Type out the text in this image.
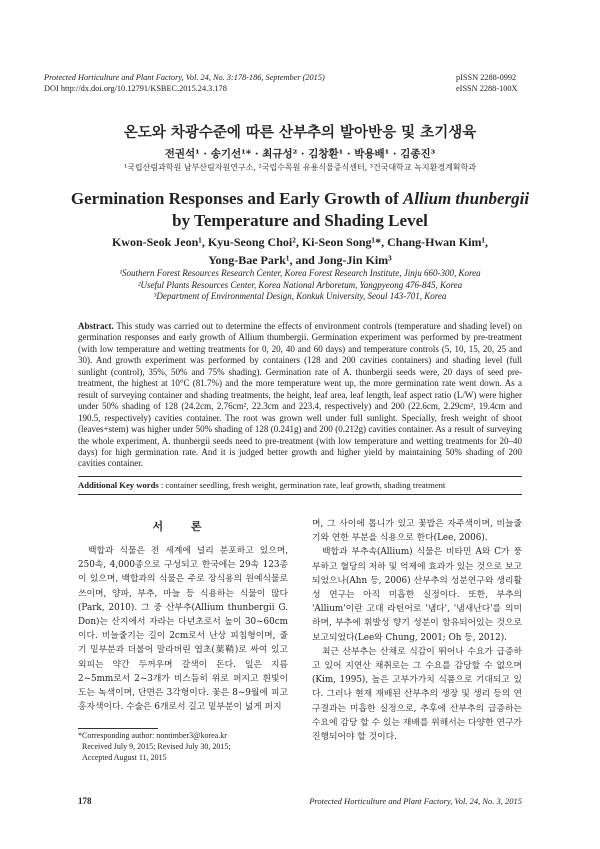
Protected Horticulture and Plant Factory, Vol. 24, No. 3:178-186, September (2015)
DOI http://dx.doi.org/10.12791/KSBEC.2015.24.3.178
pISSN 2288-0992
eISSN 2288-100X
온도와 차광수준에 따른 산부추의 발아반응 및 초기생육
전권석¹ · 송기선¹* · 최규성² · 김창환¹ · 박용배¹ · 김종진³
¹국립산림과학원 남부산림자원연구소, ²국립수목원 유용식물증식센터, ³건국대학교 녹지환경계획학과
Germination Responses and Early Growth of Allium thunbergii
by Temperature and Shading Level
Kwon-Seok Jeon¹, Kyu-Seong Choi², Ki-Seon Song¹*, Chang-Hwan Kim¹,
Yong-Bae Park¹, and Jong-Jin Kim³
¹Southern Forest Resources Research Center, Korea Forest Research Institute, Jinju 660-300, Korea
²Useful Plants Resources Center, Korea National Arboretum, Yangpyeong 476-845, Korea
³Department of Environmental Design, Konkuk University, Seoul 143-701, Korea
Abstract. This study was carried out to determine the effects of environment controls (temperature and shading level) on germination responses and early growth of Allium thumbergii. Germination experiment was performed by pre-treatment (with low temperature and wetting treatments for 0, 20, 40 and 60 days) and temperature controls (5, 10, 15, 20, 25 and 30). And growth experiment was performed by containers (128 and 200 cavities containers) and shading level (full sunlight (control), 35%, 50% and 75% shading). Germination rate of A. thunbergii seeds were, 20 days of seed pre-treatment, the highest at 10°C (81.7%) and the more temperature went up, the more germination rate went down. As a result of surveying container and shading treatments, the height, leaf area, leaf length, leaf aspect ratio (L/W) were higher under 50% shading of 128 (24.2cm, 2.76cm², 22.3cm and 223.4, respectively) and 200 (22.6cm, 2.29cm², 19.4cm and 190.5, respectively) cavities container. The root was grown well under full sunlight. Specially, fresh weight of shoot (leaves+stem) was higher under 50% shading of 128 (0.241g) and 200 (0.212g) cavities container. As a result of surveying the whole experiment, A. thunbergii seeds need to pre-treatment (with low temperature and wetting treatments for 20–40 days) for high germination rate. And it is judged better growth and higher yield by maintaining 50% shading of 200 cavities container.
Additional Key words : container seedling, fresh weight, germination rate, leaf growth, shading treatment
서 론

백합과 식물은 전 세계에 널리 분포하고 있으며, 250속, 4,000종으로 구성되고 한국에는 29속 123종이 있으며, 백합과의 식물은 주로 장식용의 원예식물로 쓰이며, 양파, 부추, 마늘 등 식용하는 식물이 많다(Park, 2010). 그 중 산부추(Allium thunbergii G. Don)는 산지에서 자라는 다년초로서 높이 30~60cm이다. 비늘줄기는 길이 2cm로서 난상 피침형이며, 줄기 밑부분과 더불어 말라버린 엽초(葉鞘)로 싸여 있고 외피는 약간 두꺼우며 갈색이 돈다. 잎은 지름 2~5mm로서 2~3개가 비스듬히 위로 퍼지고 흰빛이 도는 녹색이며, 단면은 3각형이다. 꽃은 8~9월에 피고 홍자색이다. 수술은 6개로서 길고 밑부분이 넓게 퍼지

며, 그 사이에 톱니가 있고 꽃밥은 자주색이며, 비늘줄기와 연한 부분을 식용으로 한다(Lee, 2006).

백합과 부추속(Allium) 식물은 비타민 A와 C가 풍부하고 혈당의 저하 및 억제에 효과가 있는 것으로 보고되었으나(Ahn 등, 2006) 산부추의 성분연구와 생리활성 연구는 아직 미흡한 실정이다. 또한, 부추의 'Allium'이란 고대 라틴어로 '냄다', '냄새난다'를 의미하며, 부추에 휘발성 향기 성분이 함유되어있는 것으로 보고되었다(Lee와 Chung, 2001; Oh 등, 2012).

최근 산부추는 산채로 식감이 뛰어나 수요가 급증하고 있어 지연산 채취로는 그 수요를 감당할 수 없으며(Kim, 1995), 높은 고부가가치 식품으로 기대되고 있다. 그러나 현재 재배된 산부추의 생장 및 생리 등의 연구결과는 미흡한 실정으로, 추후에 산부추의 급증하는 수요에 감당 할 수 있는 재배를 위해서는 다양한 연구가 진행되어야 할 것이다.

*Corresponding author: nontimber3@korea.kr
Received July 9, 2015; Revised July 30, 2015;
Accepted August 11, 2015
178	Protected Horticulture and Plant Factory, Vol. 24, No. 3, 2015
